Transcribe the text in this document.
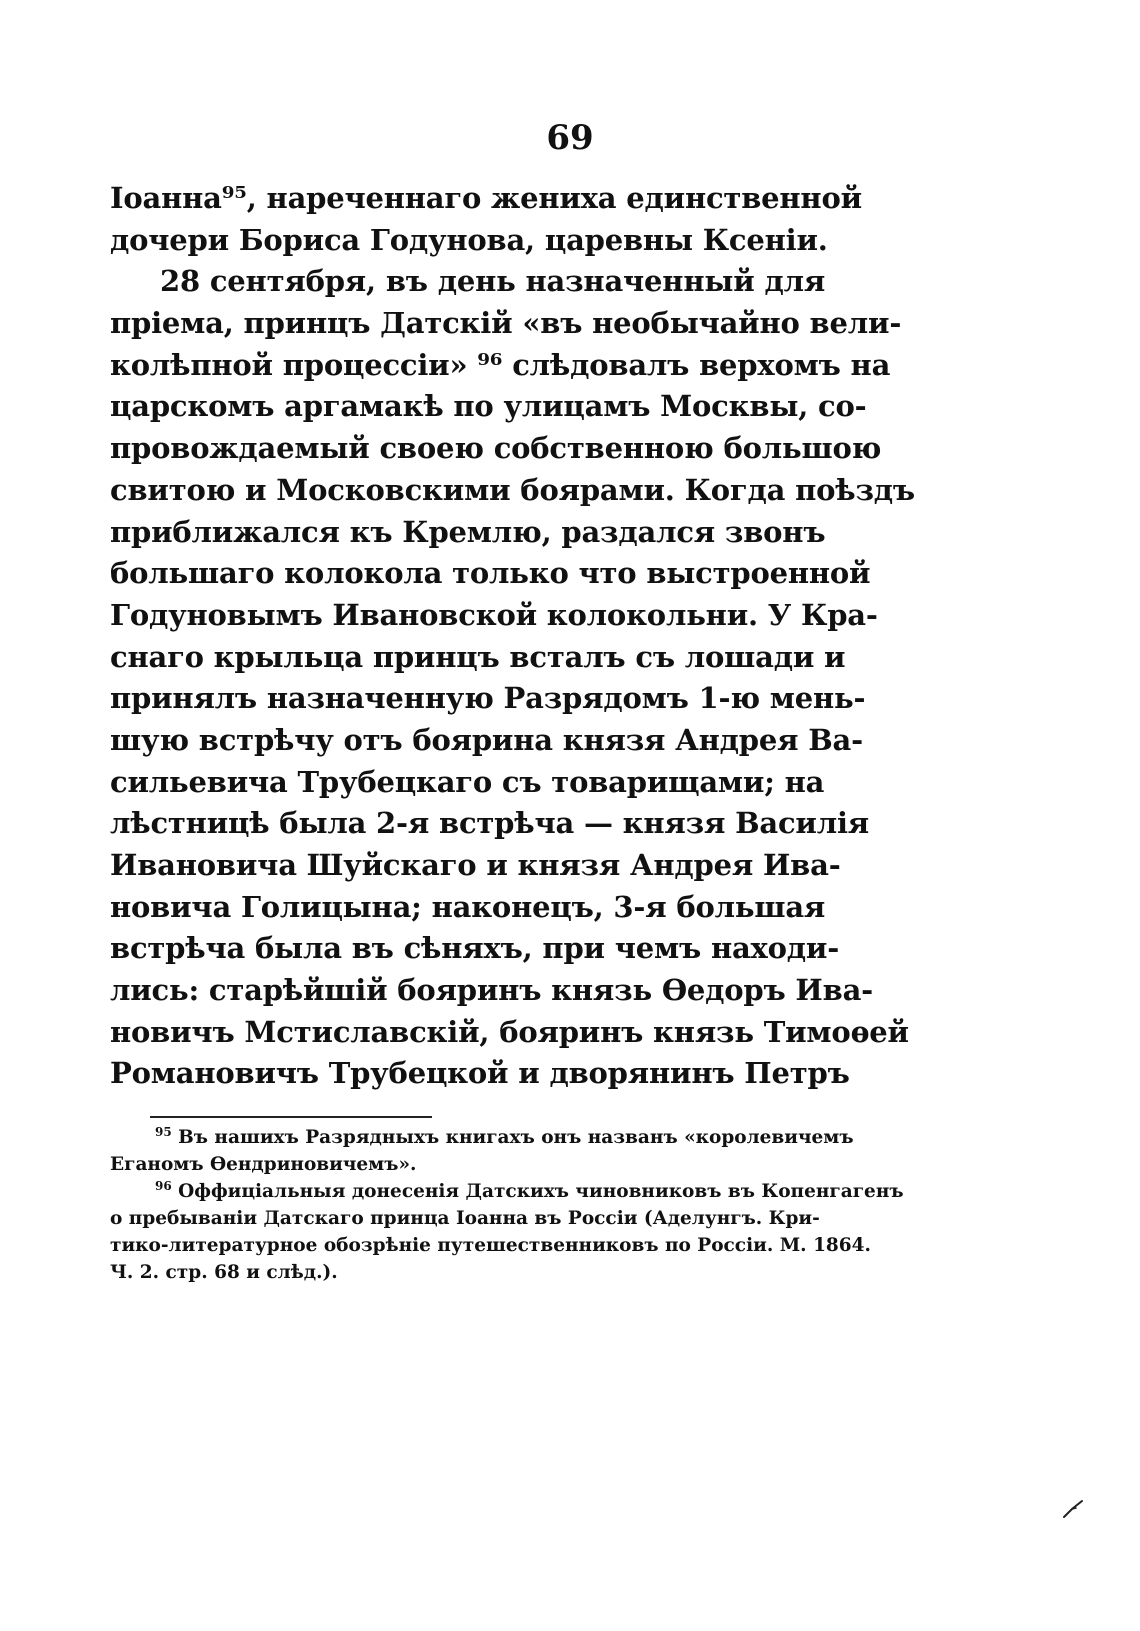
69
Іоанна⁹⁵, нареченнаго жениха единственной
дочери Бориса Годунова, царевны Ксеніи.
28 сентября, въ день назначенный для
пріема, принцъ Датскій «въ необычайно вели-
колѣпной процессіи» ⁹⁶ слѣдовалъ верхомъ на
царскомъ аргамакѣ по улицамъ Москвы, со-
провождаемый своею собственною большою
свитою и Московскими боярами. Когда поѣздъ
приближался къ Кремлю, раздался звонъ
большаго колокола только что выстроенной
Годуновымъ Ивановской колокольни. У Кра-
снаго крыльца принцъ всталъ съ лошади и
принялъ назначенную Разрядомъ 1-ю мень-
шую встрѣчу отъ боярина князя Андрея Ва-
сильевича Трубецкаго съ товарищами; на
лѣстницѣ была 2-я встрѣча — князя Василія
Ивановича Шуйскаго и князя Андрея Ива-
новича Голицына; наконецъ, 3-я большая
встрѣча была въ сѣняхъ, при чемъ находи-
лись: старѣйшій бояринъ князь Ѳедоръ Ива-
новичъ Мстиславскій, бояринъ князь Тимоѳей
Романовичъ Трубецкой и дворянинъ Петръ
$^{95}$ Въ нашихъ Разрядныхъ книгахъ онъ названъ «королевичемъ
Еганомъ Ѳендриновичемъ».
$^{96}$ Оффиціальныя донесенія Датскихъ чиновниковъ въ Копенгагенъ
о пребываніи Датскаго принца Іоанна въ Россіи (Аделунгъ. Кри-
тико-литературное обозрѣніе путешественниковъ по Россіи. М. 1864.
Ч. 2. стр. 68 и слѣд.).
